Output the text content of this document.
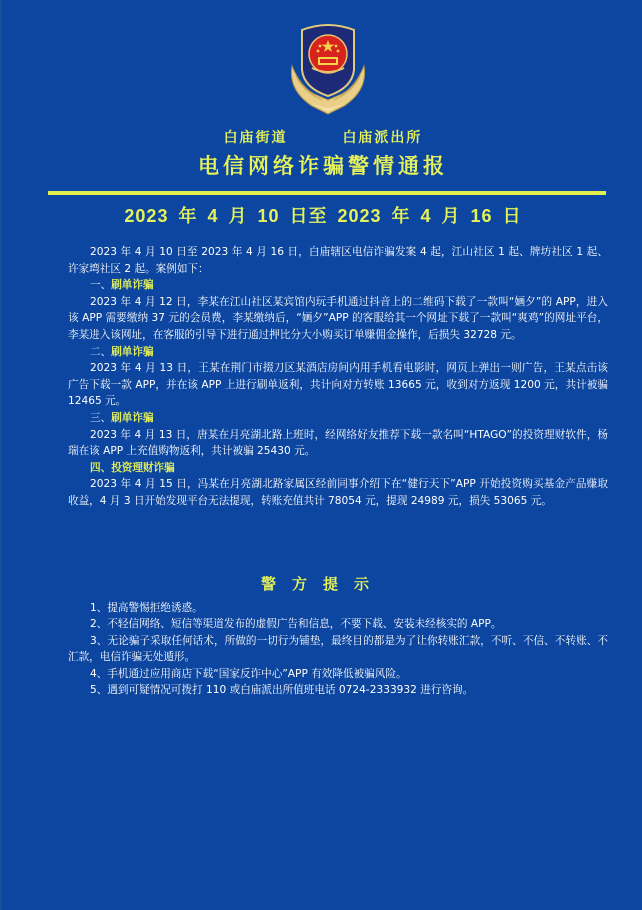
白庙街道	白庙派出所
电信网络诈骗警情通报
2023 年 4 月 10 日至 2023 年 4 月 16 日

2023 年 4 月 10 日至 2023 年 4 月 16 日，白庙辖区电信诈骗发案 4 起，江山社区 1 起、牌坊社区 1 起、许家塆社区 2 起。案例如下：

一、刷单诈骗

2023 年 4 月 12 日，李某在江山社区某宾馆内玩手机通过抖音上的二维码下载了一款叫“婳夕”的 APP，进入该 APP 需要缴纳 37 元的会员费，李某缴纳后，“婳夕”APP 的客服给其一个网址下载了一款叫“爽鸡”的网址平台，李某进入该网址，在客服的引导下进行通过押比分大小购买订单赚佣金操作，后损失 32728 元。

二、刷单诈骗

2023 年 4 月 13 日，王某在荆门市掇刀区某酒店房间内用手机看电影时，网页上弹出一则广告，王某点击该广告下载一款 APP，并在该 APP 上进行刷单返利，共计向对方转账 13665 元，收到对方返现 1200 元，共计被骗 12465 元。

三、刷单诈骗

2023 年 4 月 13 日，唐某在月亮湖北路上班时，经网络好友推荐下载一款名叫“HTAGO”的投资理财软件，杨瑞在该 APP 上充值购物返利，共计被骗 25430 元。

四、投资理财诈骗

2023 年 4 月 15 日，冯某在月亮湖北路家属区经前同事介绍下在“健行天下”APP 开始投资购买基金产品赚取收益，4 月 3 日开始发现平台无法提现，转账充值共计 78054 元，提现 24989 元，损失 53065 元。

警方提示

1、提高警惕拒绝诱惑。

2、不轻信网络、短信等渠道发布的虚假广告和信息，不要下载、安装未经核实的 APP。

3、无论骗子采取任何话术，所做的一切行为铺垫，最终目的都是为了让你转账汇款，不听、不信、不转账、不汇款，电信诈骗无处遁形。

4、手机通过应用商店下载“国家反诈中心”APP 有效降低被骗风险。

5、遇到可疑情况可拨打 110 或白庙派出所值班电话 0724-2333932 进行咨询。
